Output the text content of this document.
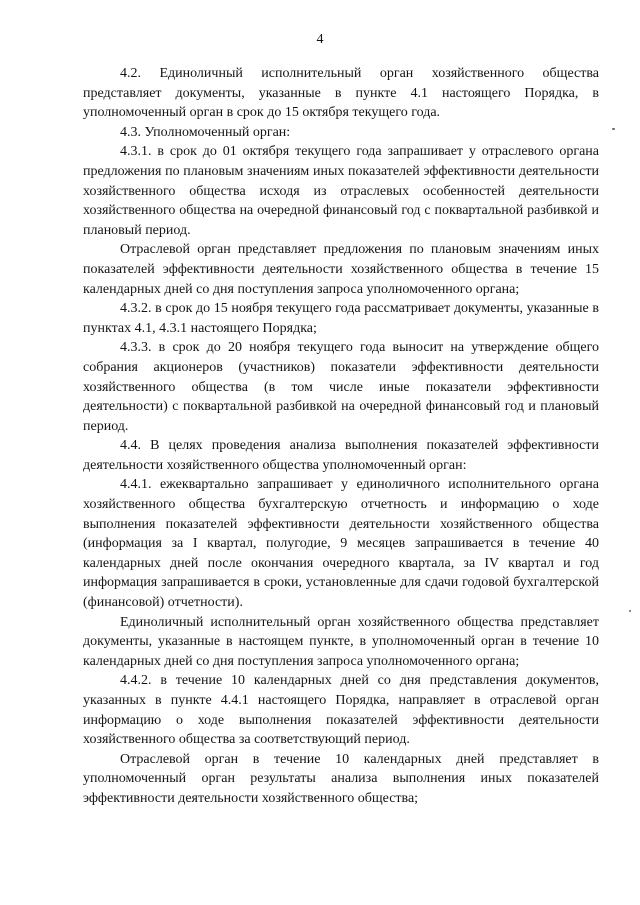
4

4.2. Единоличный исполнительный орган хозяйственного общества представляет документы, указанные в пункте 4.1 настоящего Порядка, в уполномоченный орган в срок до 15 октября текущего года.

4.3. Уполномоченный орган:

4.3.1. в срок до 01 октября текущего года запрашивает у отраслевого органа предложения по плановым значениям иных показателей эффективности деятельности хозяйственного общества исходя из отраслевых особенностей деятельности хозяйственного общества на очередной финансовый год с поквартальной разбивкой и плановый период.

Отраслевой орган представляет предложения по плановым значениям иных показателей эффективности деятельности хозяйственного общества в течение 15 календарных дней со дня поступления запроса уполномоченного органа;

4.3.2. в срок до 15 ноября текущего года рассматривает документы, указанные в пунктах 4.1, 4.3.1 настоящего Порядка;

4.3.3. в срок до 20 ноября текущего года выносит на утверждение общего собрания акционеров (участников) показатели эффективности деятельности хозяйственного общества (в том числе иные показатели эффективности деятельности) с поквартальной разбивкой на очередной финансовый год и плановый период.

4.4. В целях проведения анализа выполнения показателей эффективности деятельности хозяйственного общества уполномоченный орган:

4.4.1. ежеквартально запрашивает у единоличного исполнительного органа хозяйственного общества бухгалтерскую отчетность и информацию о ходе выполнения показателей эффективности деятельности хозяйственного общества (информация за I квартал, полугодие, 9 месяцев запрашивается в течение 40 календарных дней после окончания очередного квартала, за IV квартал и год информация запрашивается в сроки, установленные для сдачи годовой бухгалтерской (финансовой) отчетности).

Единоличный исполнительный орган хозяйственного общества представляет документы, указанные в настоящем пункте, в уполномоченный орган в течение 10 календарных дней со дня поступления запроса уполномоченного органа;

4.4.2. в течение 10 календарных дней со дня представления документов, указанных в пункте 4.4.1 настоящего Порядка, направляет в отраслевой орган информацию о ходе выполнения показателей эффективности деятельности хозяйственного общества за соответствующий период.

Отраслевой орган в течение 10 календарных дней представляет в уполномоченный орган результаты анализа выполнения иных показателей эффективности деятельности хозяйственного общества;
